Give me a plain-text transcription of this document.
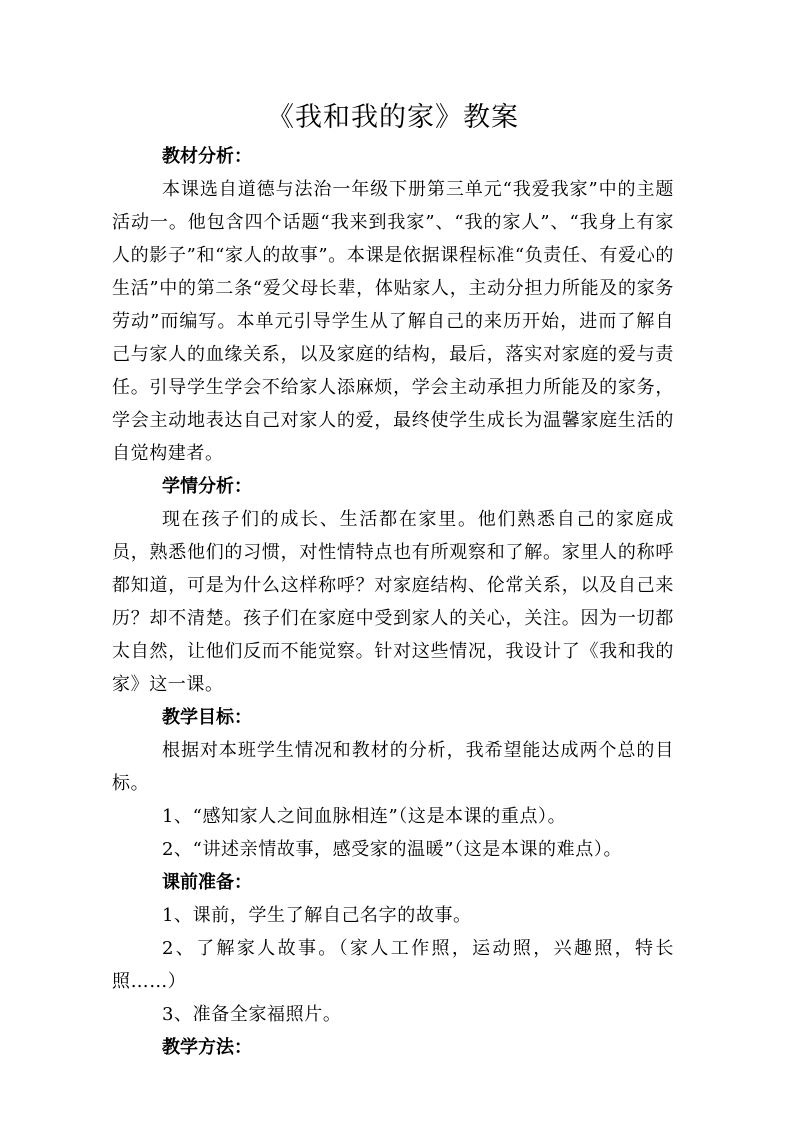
《我和我的家》教案

教材分析：

本课选自道德与法治一年级下册第三单元“我爱我家”中的主题活动一。他包含四个话题“我来到我家”、“我的家人”、“我身上有家人的影子”和“家人的故事”。本课是依据课程标准“负责任、有爱心的生活”中的第二条“爱父母长辈，体贴家人，主动分担力所能及的家务劳动”而编写。本单元引导学生从了解自己的来历开始，进而了解自己与家人的血缘关系，以及家庭的结构，最后，落实对家庭的爱与责任。引导学生学会不给家人添麻烦，学会主动承担力所能及的家务，学会主动地表达自己对家人的爱，最终使学生成长为温馨家庭生活的自觉构建者。

学情分析：

现在孩子们的成长、生活都在家里。他们熟悉自己的家庭成员，熟悉他们的习惯，对性情特点也有所观察和了解。家里人的称呼都知道，可是为什么这样称呼？对家庭结构、伦常关系，以及自己来历？却不清楚。孩子们在家庭中受到家人的关心，关注。因为一切都太自然，让他们反而不能觉察。针对这些情况，我设计了《我和我的家》这一课。

教学目标：

根据对本班学生情况和教材的分析，我希望能达成两个总的目标。

1、“感知家人之间血脉相连”（这是本课的重点）。

2、“讲述亲情故事，感受家的温暖”（这是本课的难点）。

课前准备：

1、课前，学生了解自己名字的故事。

2、了解家人故事。（家人工作照，运动照，兴趣照，特长照……）

3、准备全家福照片。

教学方法：
